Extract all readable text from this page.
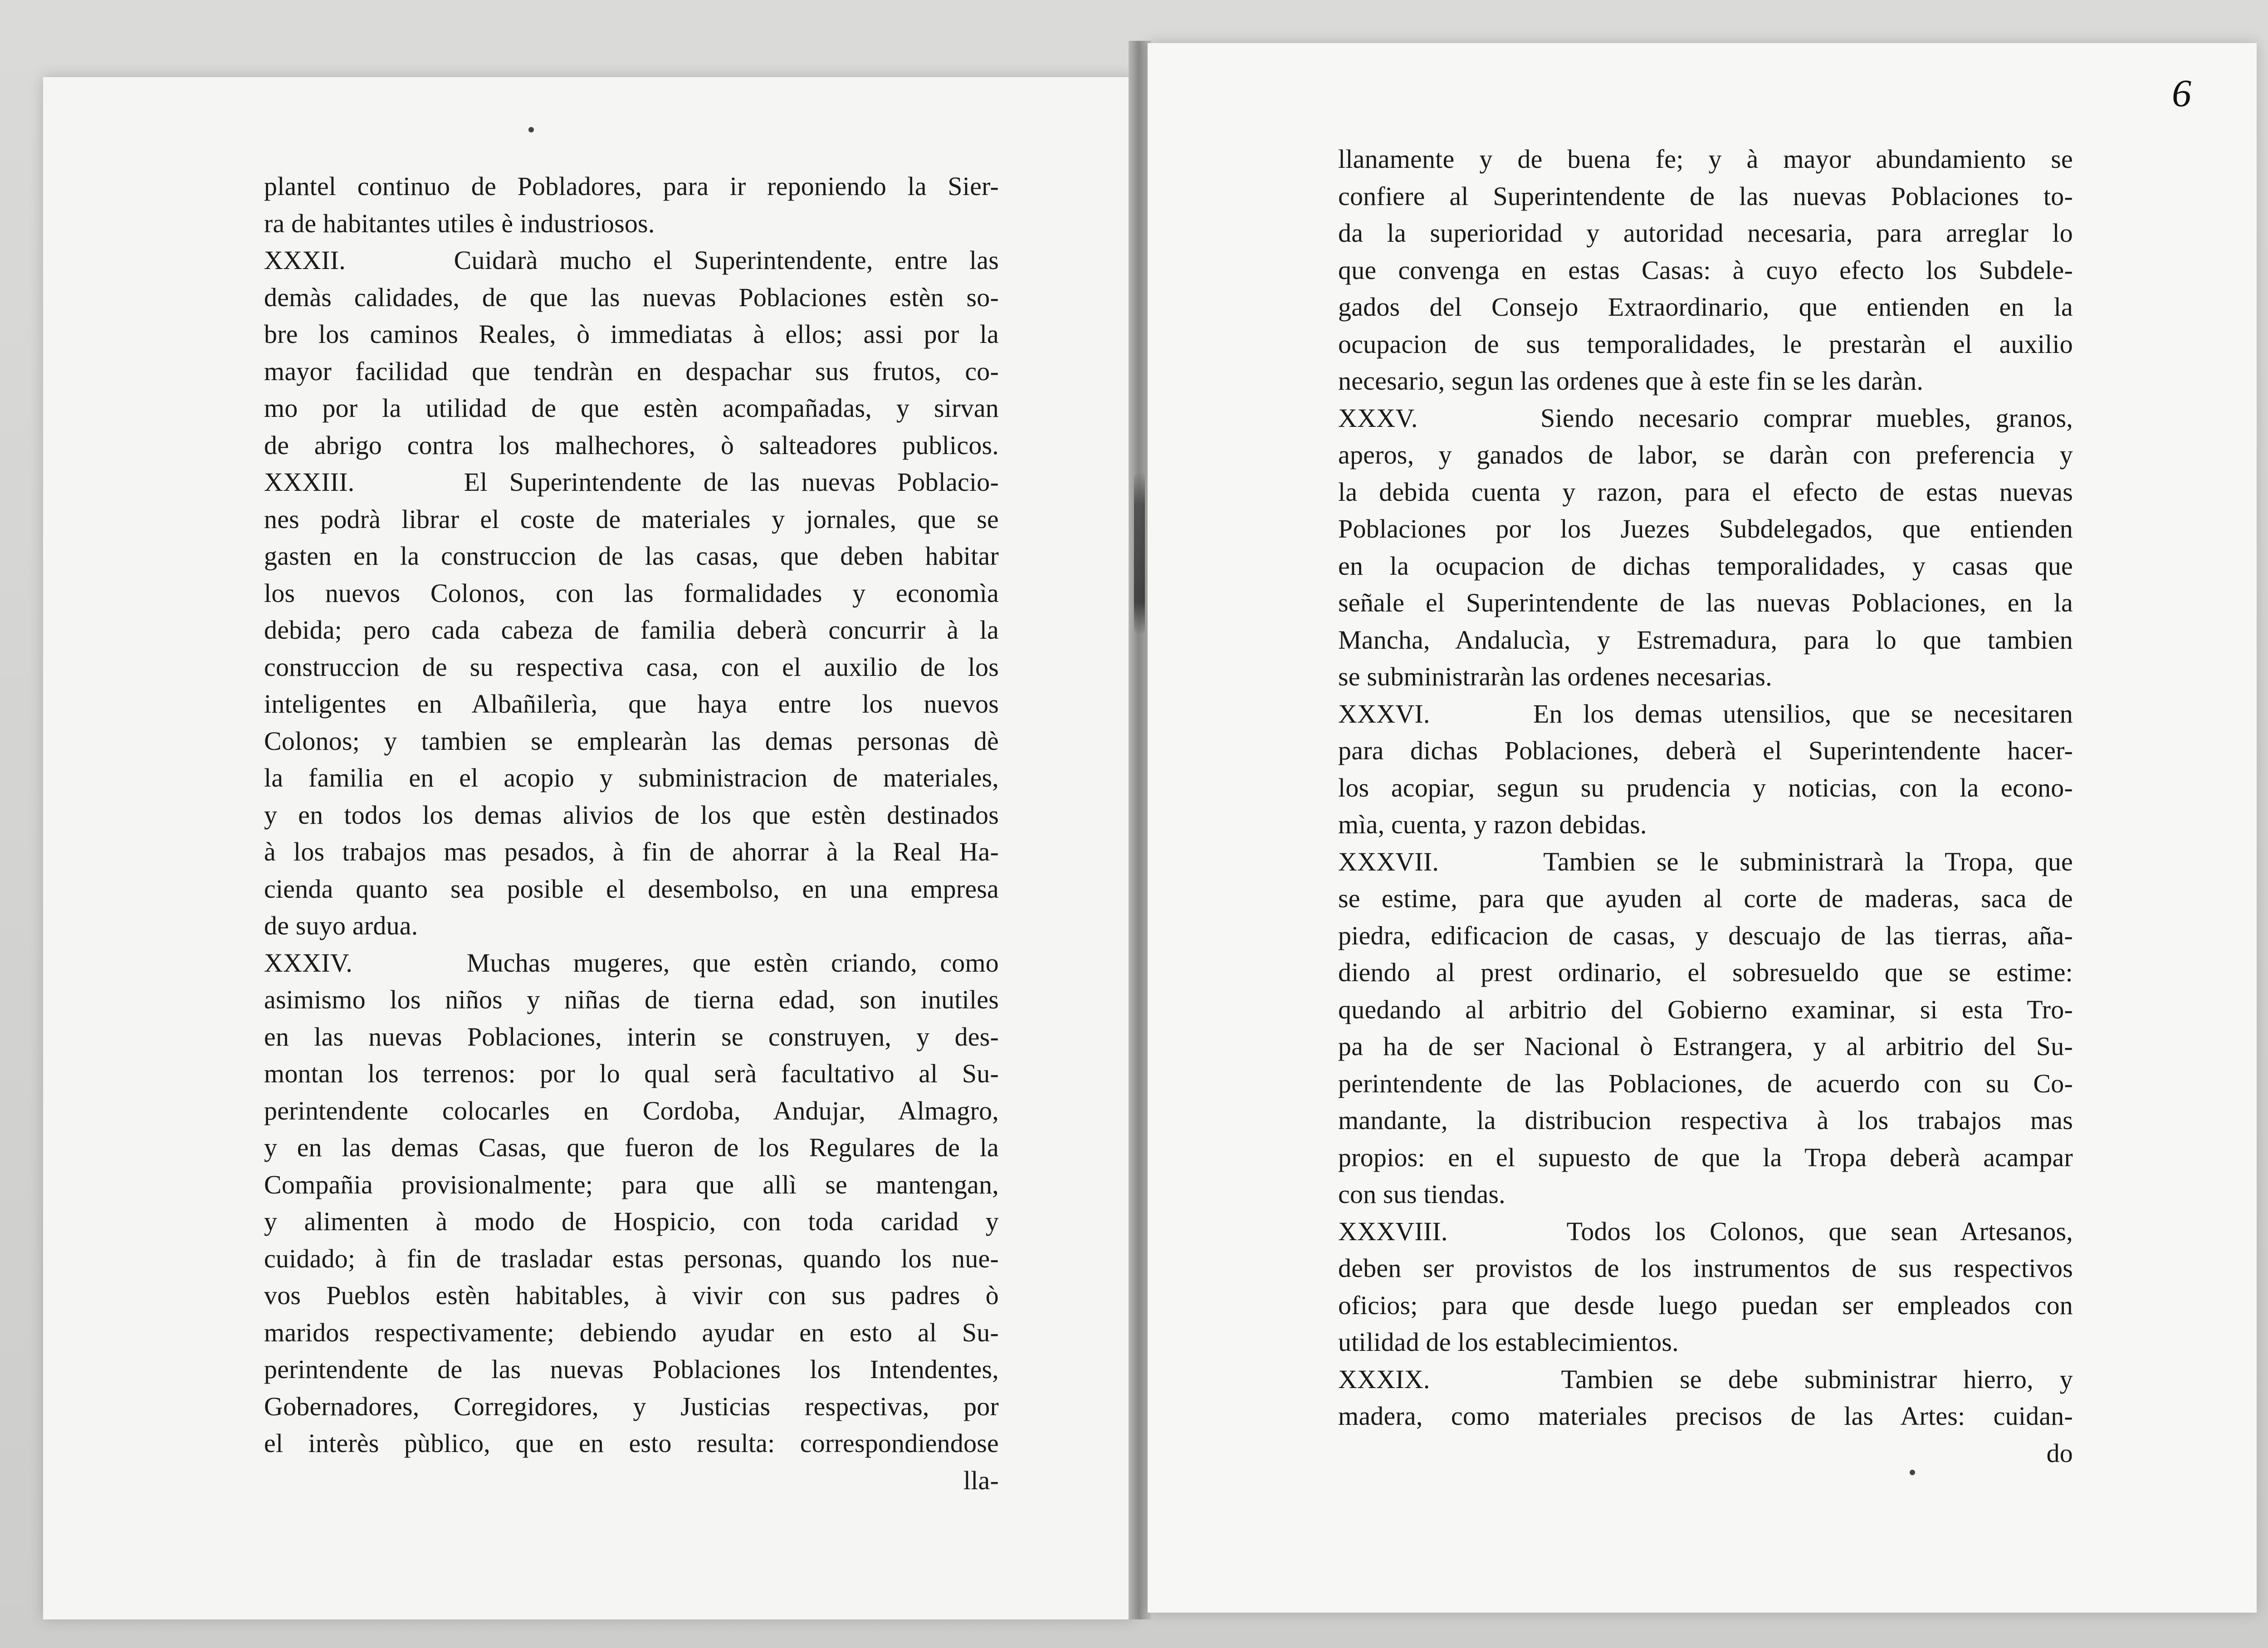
plantel continuo de Pobladores, para ir reponiendo la Sier-
ra de habitantes utiles è industriosos.
XXXII.     Cuidarà mucho el Superintendente, entre las
demàs calidades, de que las nuevas Poblaciones estèn so-
bre los caminos Reales, ò immediatas à ellos; assi por la
mayor facilidad que tendràn en despachar sus frutos, co-
mo por la utilidad de que estèn acompañadas, y sirvan
de abrigo contra los malhechores, ò salteadores publicos.
XXXIII.     El Superintendente de las nuevas Poblacio-
nes podrà librar el coste de materiales y jornales, que se
gasten en la construccion de las casas, que deben habitar
los nuevos Colonos, con las formalidades y economìa
debida; pero cada cabeza de familia deberà concurrir à la
construccion de su respectiva casa, con el auxilio de los
inteligentes en Albañilerìa, que haya entre los nuevos
Colonos; y tambien se emplearàn las demas personas dè
la familia en el acopio y subministracion de materiales,
y en todos los demas alivios de los que estèn destinados
à los trabajos mas pesados, à fin de ahorrar à la Real Ha-
cienda quanto sea posible el desembolso, en una empresa
de suyo ardua.
XXXIV.     Muchas mugeres, que estèn criando, como
asimismo los niños y niñas de tierna edad, son inutiles
en las nuevas Poblaciones, interin se construyen, y des-
montan los terrenos: por lo qual serà facultativo al Su-
perintendente colocarles en Cordoba, Andujar, Almagro,
y en las demas Casas, que fueron de los Regulares de la
Compañia provisionalmente; para que allì se mantengan,
y alimenten à modo de Hospicio, con toda caridad y
cuidado; à fin de trasladar estas personas, quando los nue-
vos Pueblos estèn habitables, à vivir con sus padres ò
maridos respectivamente; debiendo ayudar en esto al Su-
perintendente de las nuevas Poblaciones los Intendentes,
Gobernadores, Corregidores, y Justicias respectivas, por
el interès pùblico, que en esto resulta: correspondiendose
lla-
6
llanamente y de buena fe; y à mayor abundamiento se
confiere al Superintendente de las nuevas Poblaciones to-
da la superioridad y autoridad necesaria, para arreglar lo
que convenga en estas Casas: à cuyo efecto los Subdele-
gados del Consejo Extraordinario, que entienden en la
ocupacion de sus temporalidades, le prestaràn el auxilio
necesario, segun las ordenes que à este fin se les daràn.
XXXV.     Siendo necesario comprar muebles, granos,
aperos, y ganados de labor, se daràn con preferencia y
la debida cuenta y razon, para el efecto de estas nuevas
Poblaciones por los Juezes Subdelegados, que entienden
en la ocupacion de dichas temporalidades, y casas que
señale el Superintendente de las nuevas Poblaciones, en la
Mancha, Andalucìa, y Estremadura, para lo que tambien
se subministraràn las ordenes necesarias.
XXXVI.     En los demas utensilios, que se necesitaren
para dichas Poblaciones, deberà el Superintendente hacer-
los acopiar, segun su prudencia y noticias, con la econo-
mìa, cuenta, y razon debidas.
XXXVII.     Tambien se le subministrarà la Tropa, que
se estime, para que ayuden al corte de maderas, saca de
piedra, edificacion de casas, y descuajo de las tierras, aña-
diendo al prest ordinario, el sobresueldo que se estime:
quedando al arbitrio del Gobierno examinar, si esta Tro-
pa ha de ser Nacional ò Estrangera, y al arbitrio del Su-
perintendente de las Poblaciones, de acuerdo con su Co-
mandante, la distribucion respectiva à los trabajos mas
propios: en el supuesto de que la Tropa deberà acampar
con sus tiendas.
XXXVIII.     Todos los Colonos, que sean Artesanos,
deben ser provistos de los instrumentos de sus respectivos
oficios; para que desde luego puedan ser empleados con
utilidad de los establecimientos.
XXXIX.     Tambien se debe subministrar hierro, y
madera, como materiales precisos de las Artes: cuidan-
do
